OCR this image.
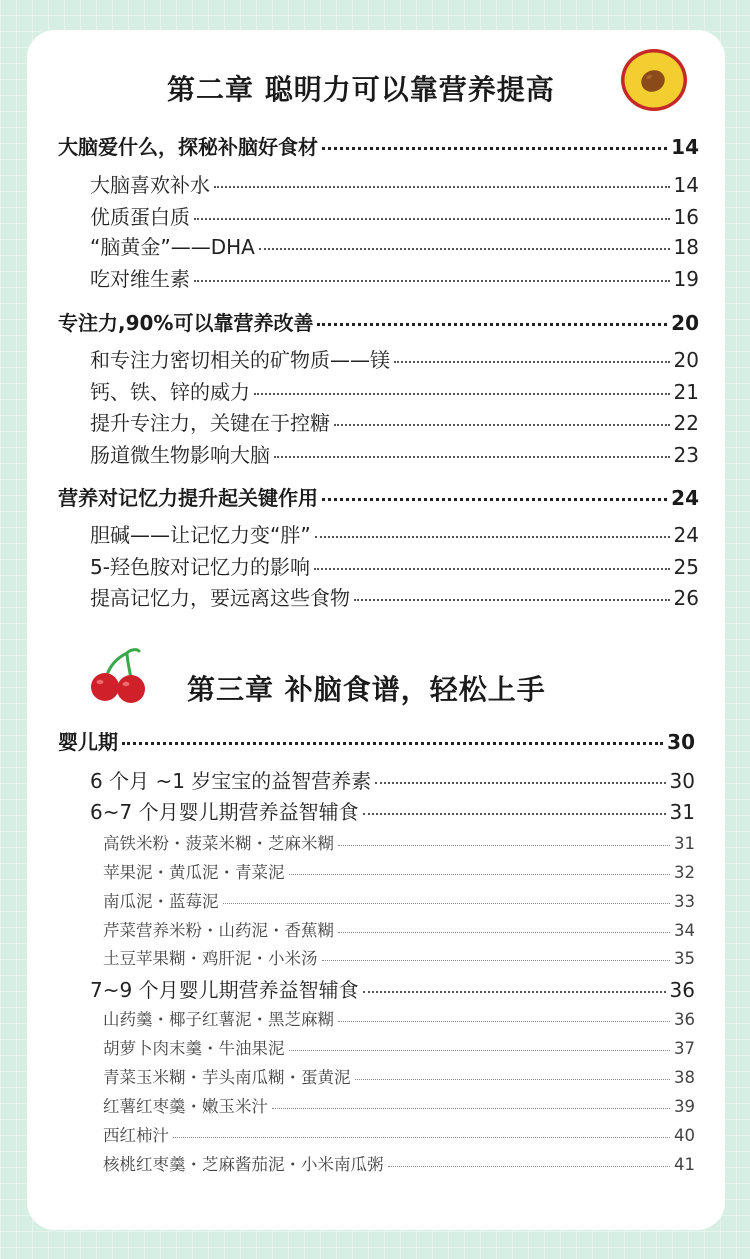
第二章 聪明力可以靠营养提高
大脑爱什么，探秘补脑好食材	14
大脑喜欢补水	14
优质蛋白质	16
“脑黄金”——DHA	18
吃对维生素	19
专注力,90%可以靠营养改善	20
和专注力密切相关的矿物质——镁	20
钙、铁、锌的威力	21
提升专注力，关键在于控糖	22
肠道微生物影响大脑	23
营养对记忆力提升起关键作用	24
胆碱——让记忆力变“胖”	24
5-羟色胺对记忆力的影响	25
提高记忆力，要远离这些食物	26
第三章 补脑食谱，轻松上手
婴儿期	30
6 个月 ~1 岁宝宝的益智营养素	30
6~7 个月婴儿期营养益智辅食	31
高铁米粉・菠菜米糊・芝麻米糊	31
苹果泥・黄瓜泥・青菜泥	32
南瓜泥・蓝莓泥	33
芹菜营养米粉・山药泥・香蕉糊	34
土豆苹果糊・鸡肝泥・小米汤	35
7~9 个月婴儿期营养益智辅食	36
山药羹・椰子红薯泥・黑芝麻糊	36
胡萝卜肉末羹・牛油果泥	37
青菜玉米糊・芋头南瓜糊・蛋黄泥	38
红薯红枣羹・嫩玉米汁	39
西红柿汁	40
核桃红枣羹・芝麻酱茄泥・小米南瓜粥	41
